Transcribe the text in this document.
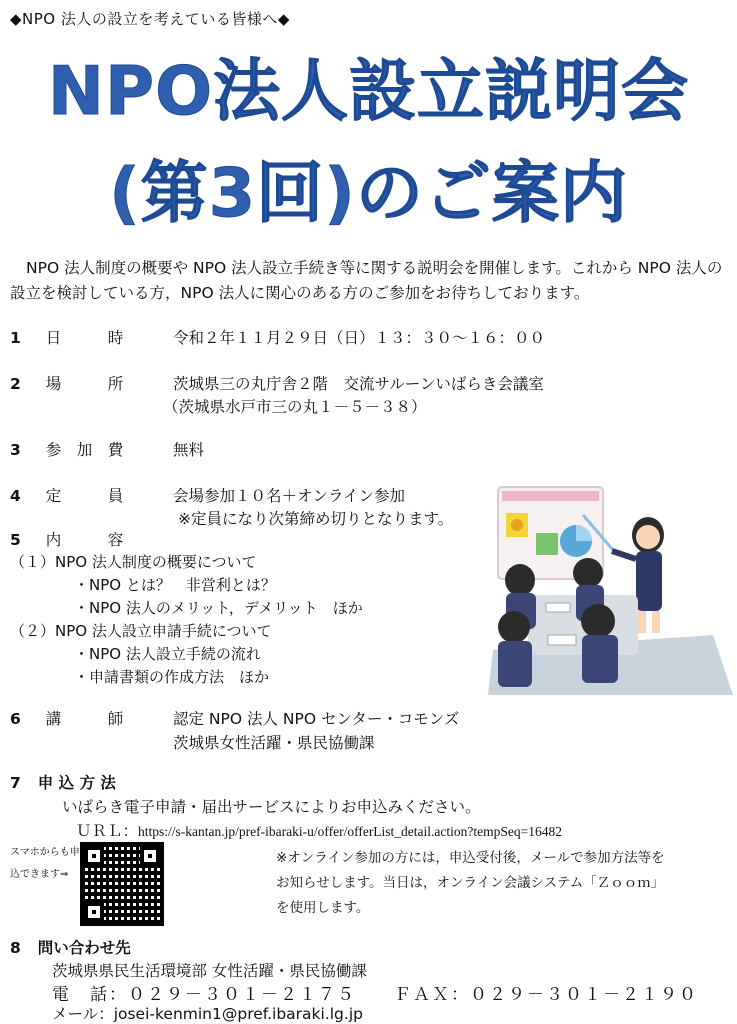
◆NPO 法人の設立を考えている皆様へ◆
NPO法人設立説明会
(第3回)のご案内
NPO 法人制度の概要や NPO 法人設立手続き等に関する説明会を開催します。これから NPO 法人の設立を検討している方，NPO 法人に関心のある方のご参加をお待ちしております。
1 日　　　時	令和２年１１月２９日（日）１３：３０〜１６：００
2 場　　　所	茨城県三の丸庁舎２階　交流サルーンいばらき会議室
（茨城県水戸市三の丸１－５－３８）
3 参　加　費	無料
4 定　　　員	会場参加１０名＋オンライン参加
※定員になり次第締め切りとなります。
5 内　　　容
（１）NPO 法人制度の概要について
・NPO とは？　非営利とは？
・NPO 法人のメリット，デメリット　ほか
（２）NPO 法人設立申請手続について
・NPO 法人設立手続の流れ
・申請書類の作成方法　ほか
6 講　　　師	認定 NPO 法人 NPO センター・コモンズ
茨城県女性活躍・県民協働課
7 申 込 方 法
いばらき電子申請・届出サービスによりお申込みください。
ＵＲＬ：https://s-kantan.jp/pref-ibaraki-u/offer/offerList_detail.action?tempSeq=16482
スマホからも申込できます⇒
※オンライン参加の方には，申込受付後，メールで参加方法等をお知らせします。当日は，オンライン会議システム「Ｚｏｏｍ」を使用します。
8 問い合わせ先
茨城県県民生活環境部 女性活躍・県民協働課
電　話：０２９－３０１－２１７５　　ＦＡＸ：０２９－３０１－２１９０
メール：josei-kenmin1@pref.ibaraki.lg.jp
